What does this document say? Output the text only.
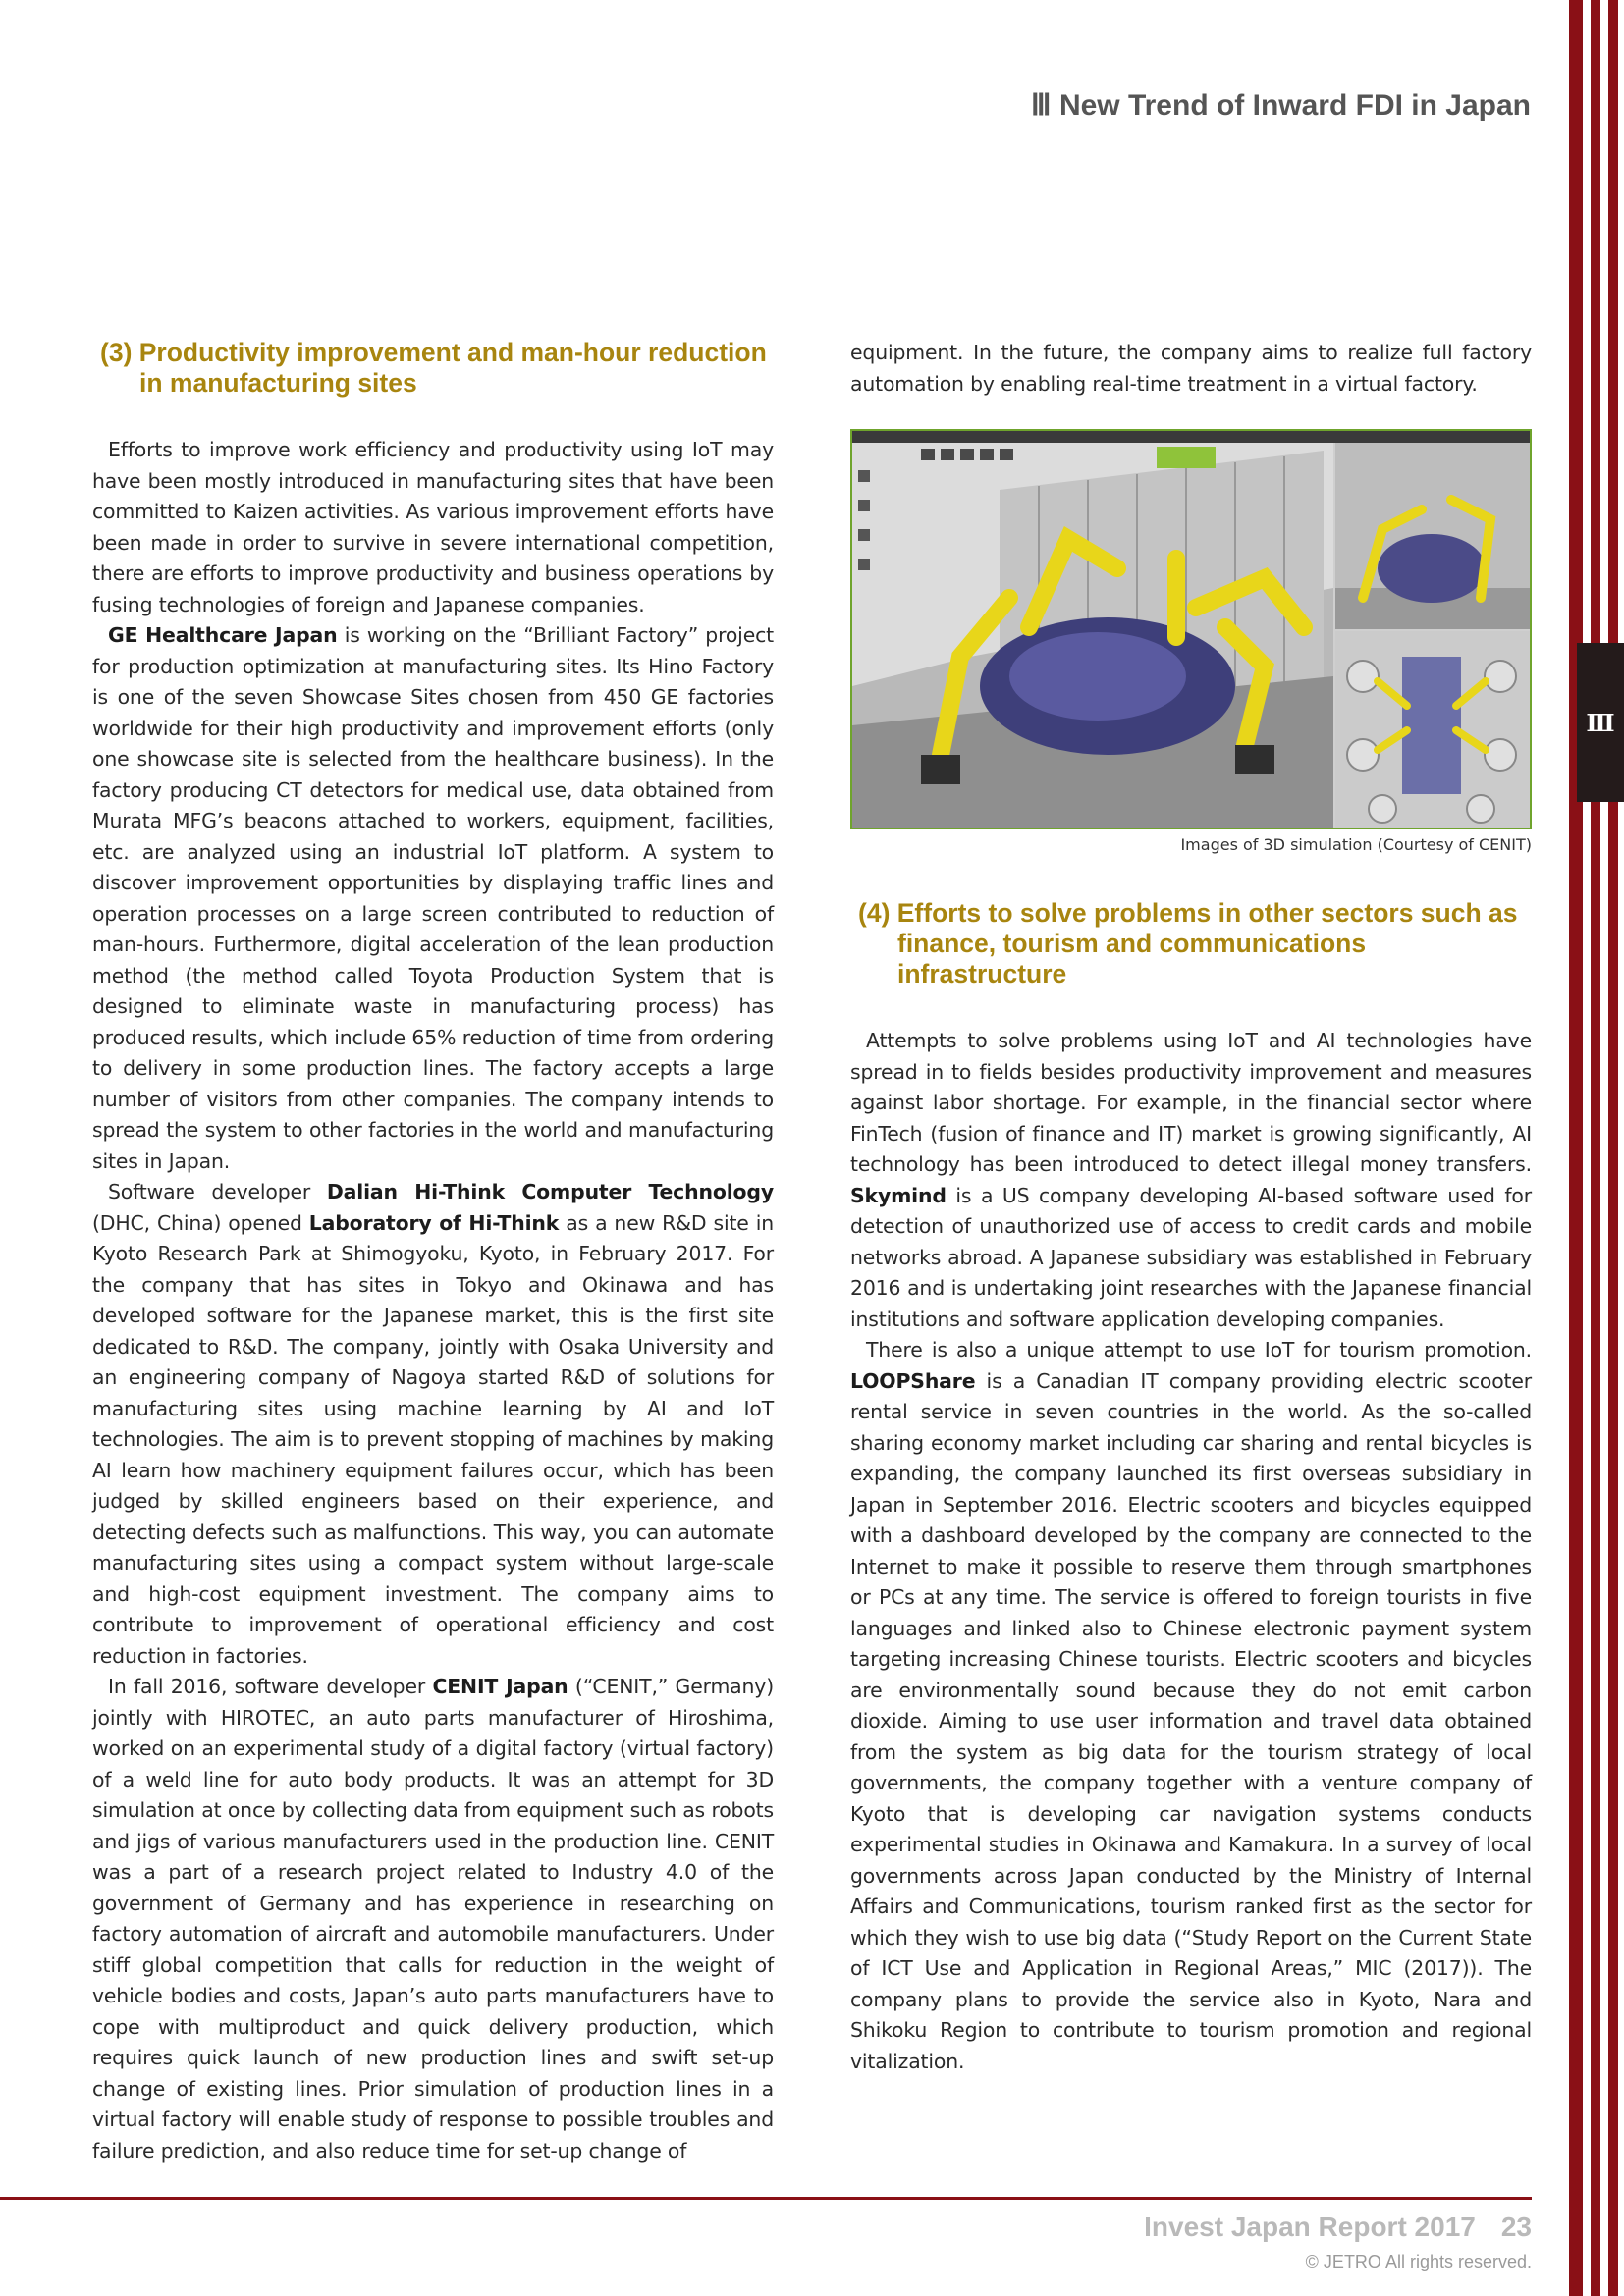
Ⅲ
Ⅲ New Trend of Inward FDI in Japan
(3) Productivity improvement and man-hour reduction in manufacturing sites

Efforts to improve work efficiency and productivity using IoT may have been mostly introduced in manufacturing sites that have been committed to Kaizen activities. As various improvement efforts have been made in order to survive in severe international competition, there are efforts to improve productivity and business operations by fusing technologies of foreign and Japanese companies.

GE Healthcare Japan is working on the “Brilliant Factory” project for production optimization at manufacturing sites. Its Hino Factory is one of the seven Showcase Sites chosen from 450 GE factories worldwide for their high productivity and improvement efforts (only one showcase site is selected from the healthcare business). In the factory producing CT detectors for medical use, data obtained from Murata MFG’s beacons attached to workers, equipment, facilities, etc. are analyzed using an industrial IoT platform. A system to discover improvement opportunities by displaying traffic lines and operation processes on a large screen contributed to reduction of man-hours. Furthermore, digital acceleration of the lean production method (the method called Toyota Production System that is designed to eliminate waste in manufacturing process) has produced results, which include 65% reduction of time from ordering to delivery in some production lines. The factory accepts a large number of visitors from other companies. The company intends to spread the system to other factories in the world and manufacturing sites in Japan.

Software developer Dalian Hi-Think Computer Technology (DHC, China) opened Laboratory of Hi-Think as a new R&D site in Kyoto Research Park at Shimogyoku, Kyoto, in February 2017. For the company that has sites in Tokyo and Okinawa and has developed software for the Japanese market, this is the first site dedicated to R&D. The company, jointly with Osaka University and an engineering company of Nagoya started R&D of solutions for manufacturing sites using machine learning by AI and IoT technologies. The aim is to prevent stopping of machines by making AI learn how machinery equipment failures occur, which has been judged by skilled engineers based on their experience, and detecting defects such as malfunctions. This way, you can automate manufacturing sites using a compact system without large-scale and high-cost equipment investment. The company aims to contribute to improvement of operational efficiency and cost reduction in factories.

In fall 2016, software developer CENIT Japan (“CENIT,” Germany) jointly with HIROTEC, an auto parts manufacturer of Hiroshima, worked on an experimental study of a digital factory (virtual factory) of a weld line for auto body products. It was an attempt for 3D simulation at once by collecting data from equipment such as robots and jigs of various manufacturers used in the production line. CENIT was a part of a research project related to Industry 4.0 of the government of Germany and has experience in researching on factory automation of aircraft and automobile manufacturers. Under stiff global competition that calls for reduction in the weight of vehicle bodies and costs, Japan’s auto parts manufacturers have to cope with multiproduct and quick delivery production, which requires quick launch of new production lines and swift set-up change of existing lines. Prior simulation of production lines in a virtual factory will enable study of response to possible troubles and failure prediction, and also reduce time for set-up change of

equipment. In the future, the company aims to realize full factory automation by enabling real-time treatment in a virtual factory.

Images of 3D simulation (Courtesy of CENIT)
(4) Efforts to solve problems in other sectors such as finance, tourism and communications infrastructure

Attempts to solve problems using IoT and AI technologies have spread in to fields besides productivity improvement and measures against labor shortage. For example, in the financial sector where FinTech (fusion of finance and IT) market is growing significantly, AI technology has been introduced to detect illegal money transfers. Skymind is a US company developing AI-based software used for detection of unauthorized use of access to credit cards and mobile networks abroad. A Japanese subsidiary was established in February 2016 and is undertaking joint researches with the Japanese financial institutions and software application developing companies.

There is also a unique attempt to use IoT for tourism promotion. LOOPShare is a Canadian IT company providing electric scooter rental service in seven countries in the world. As the so-called sharing economy market including car sharing and rental bicycles is expanding, the company launched its first overseas subsidiary in Japan in September 2016. Electric scooters and bicycles equipped with a dashboard developed by the company are connected to the Internet to make it possible to reserve them through smartphones or PCs at any time. The service is offered to foreign tourists in five languages and linked also to Chinese electronic payment system targeting increasing Chinese tourists. Electric scooters and bicycles are environmentally sound because they do not emit carbon dioxide. Aiming to use user information and travel data obtained from the system as big data for the tourism strategy of local governments, the company together with a venture company of Kyoto that is developing car navigation systems conducts experimental studies in Okinawa and Kamakura. In a survey of local governments across Japan conducted by the Ministry of Internal Affairs and Communications, tourism ranked first as the sector for which they wish to use big data (“Study Report on the Current State of ICT Use and Application in Regional Areas,” MIC (2017)). The company plans to provide the service also in Kyoto, Nara and Shikoku Region to contribute to tourism promotion and regional vitalization.

Invest Japan Report 2017 23
© JETRO All rights reserved.
